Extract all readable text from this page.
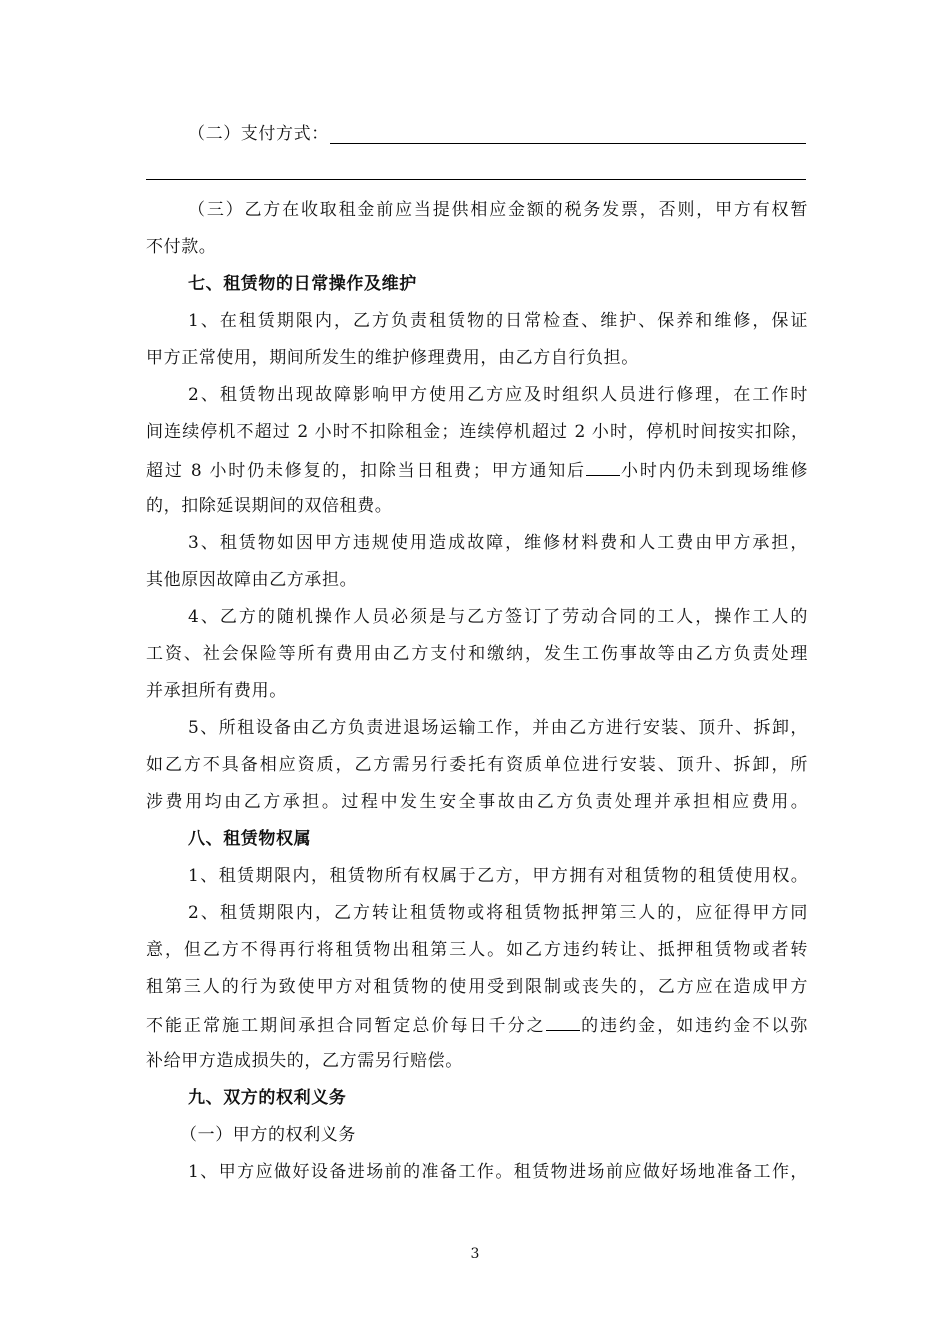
（二）支付方式：
（三）乙方在收取租金前应当提供相应金额的税务发票，否则，甲方有权暂
不付款。
七、租赁物的日常操作及维护
1、在租赁期限内，乙方负责租赁物的日常检查、维护、保养和维修，保证
甲方正常使用，期间所发生的维护修理费用，由乙方自行负担。
2、租赁物出现故障影响甲方使用乙方应及时组织人员进行修理，在工作时
间连续停机不超过 2 小时不扣除租金；连续停机超过 2 小时，停机时间按实扣除，
超过 8 小时仍未修复的，扣除当日租费；甲方通知后 小时内仍未到现场维修
的，扣除延误期间的双倍租费。
3、租赁物如因甲方违规使用造成故障，维修材料费和人工费由甲方承担，
其他原因故障由乙方承担。
4、乙方的随机操作人员必须是与乙方签订了劳动合同的工人，操作工人的
工资、社会保险等所有费用由乙方支付和缴纳，发生工伤事故等由乙方负责处理
并承担所有费用。
5、所租设备由乙方负责进退场运输工作，并由乙方进行安装、顶升、拆卸，
如乙方不具备相应资质，乙方需另行委托有资质单位进行安装、顶升、拆卸，所
涉费用均由乙方承担。过程中发生安全事故由乙方负责处理并承担相应费用。
八、租赁物权属
1、租赁期限内，租赁物所有权属于乙方，甲方拥有对租赁物的租赁使用权。
2、租赁期限内，乙方转让租赁物或将租赁物抵押第三人的，应征得甲方同
意，但乙方不得再行将租赁物出租第三人。如乙方违约转让、抵押租赁物或者转
租第三人的行为致使甲方对租赁物的使用受到限制或丧失的，乙方应在造成甲方
不能正常施工期间承担合同暂定总价每日千分之 的违约金，如违约金不以弥
补给甲方造成损失的，乙方需另行赔偿。
九、双方的权利义务
（一）甲方的权利义务
1、甲方应做好设备进场前的准备工作。租赁物进场前应做好场地准备工作，
3
